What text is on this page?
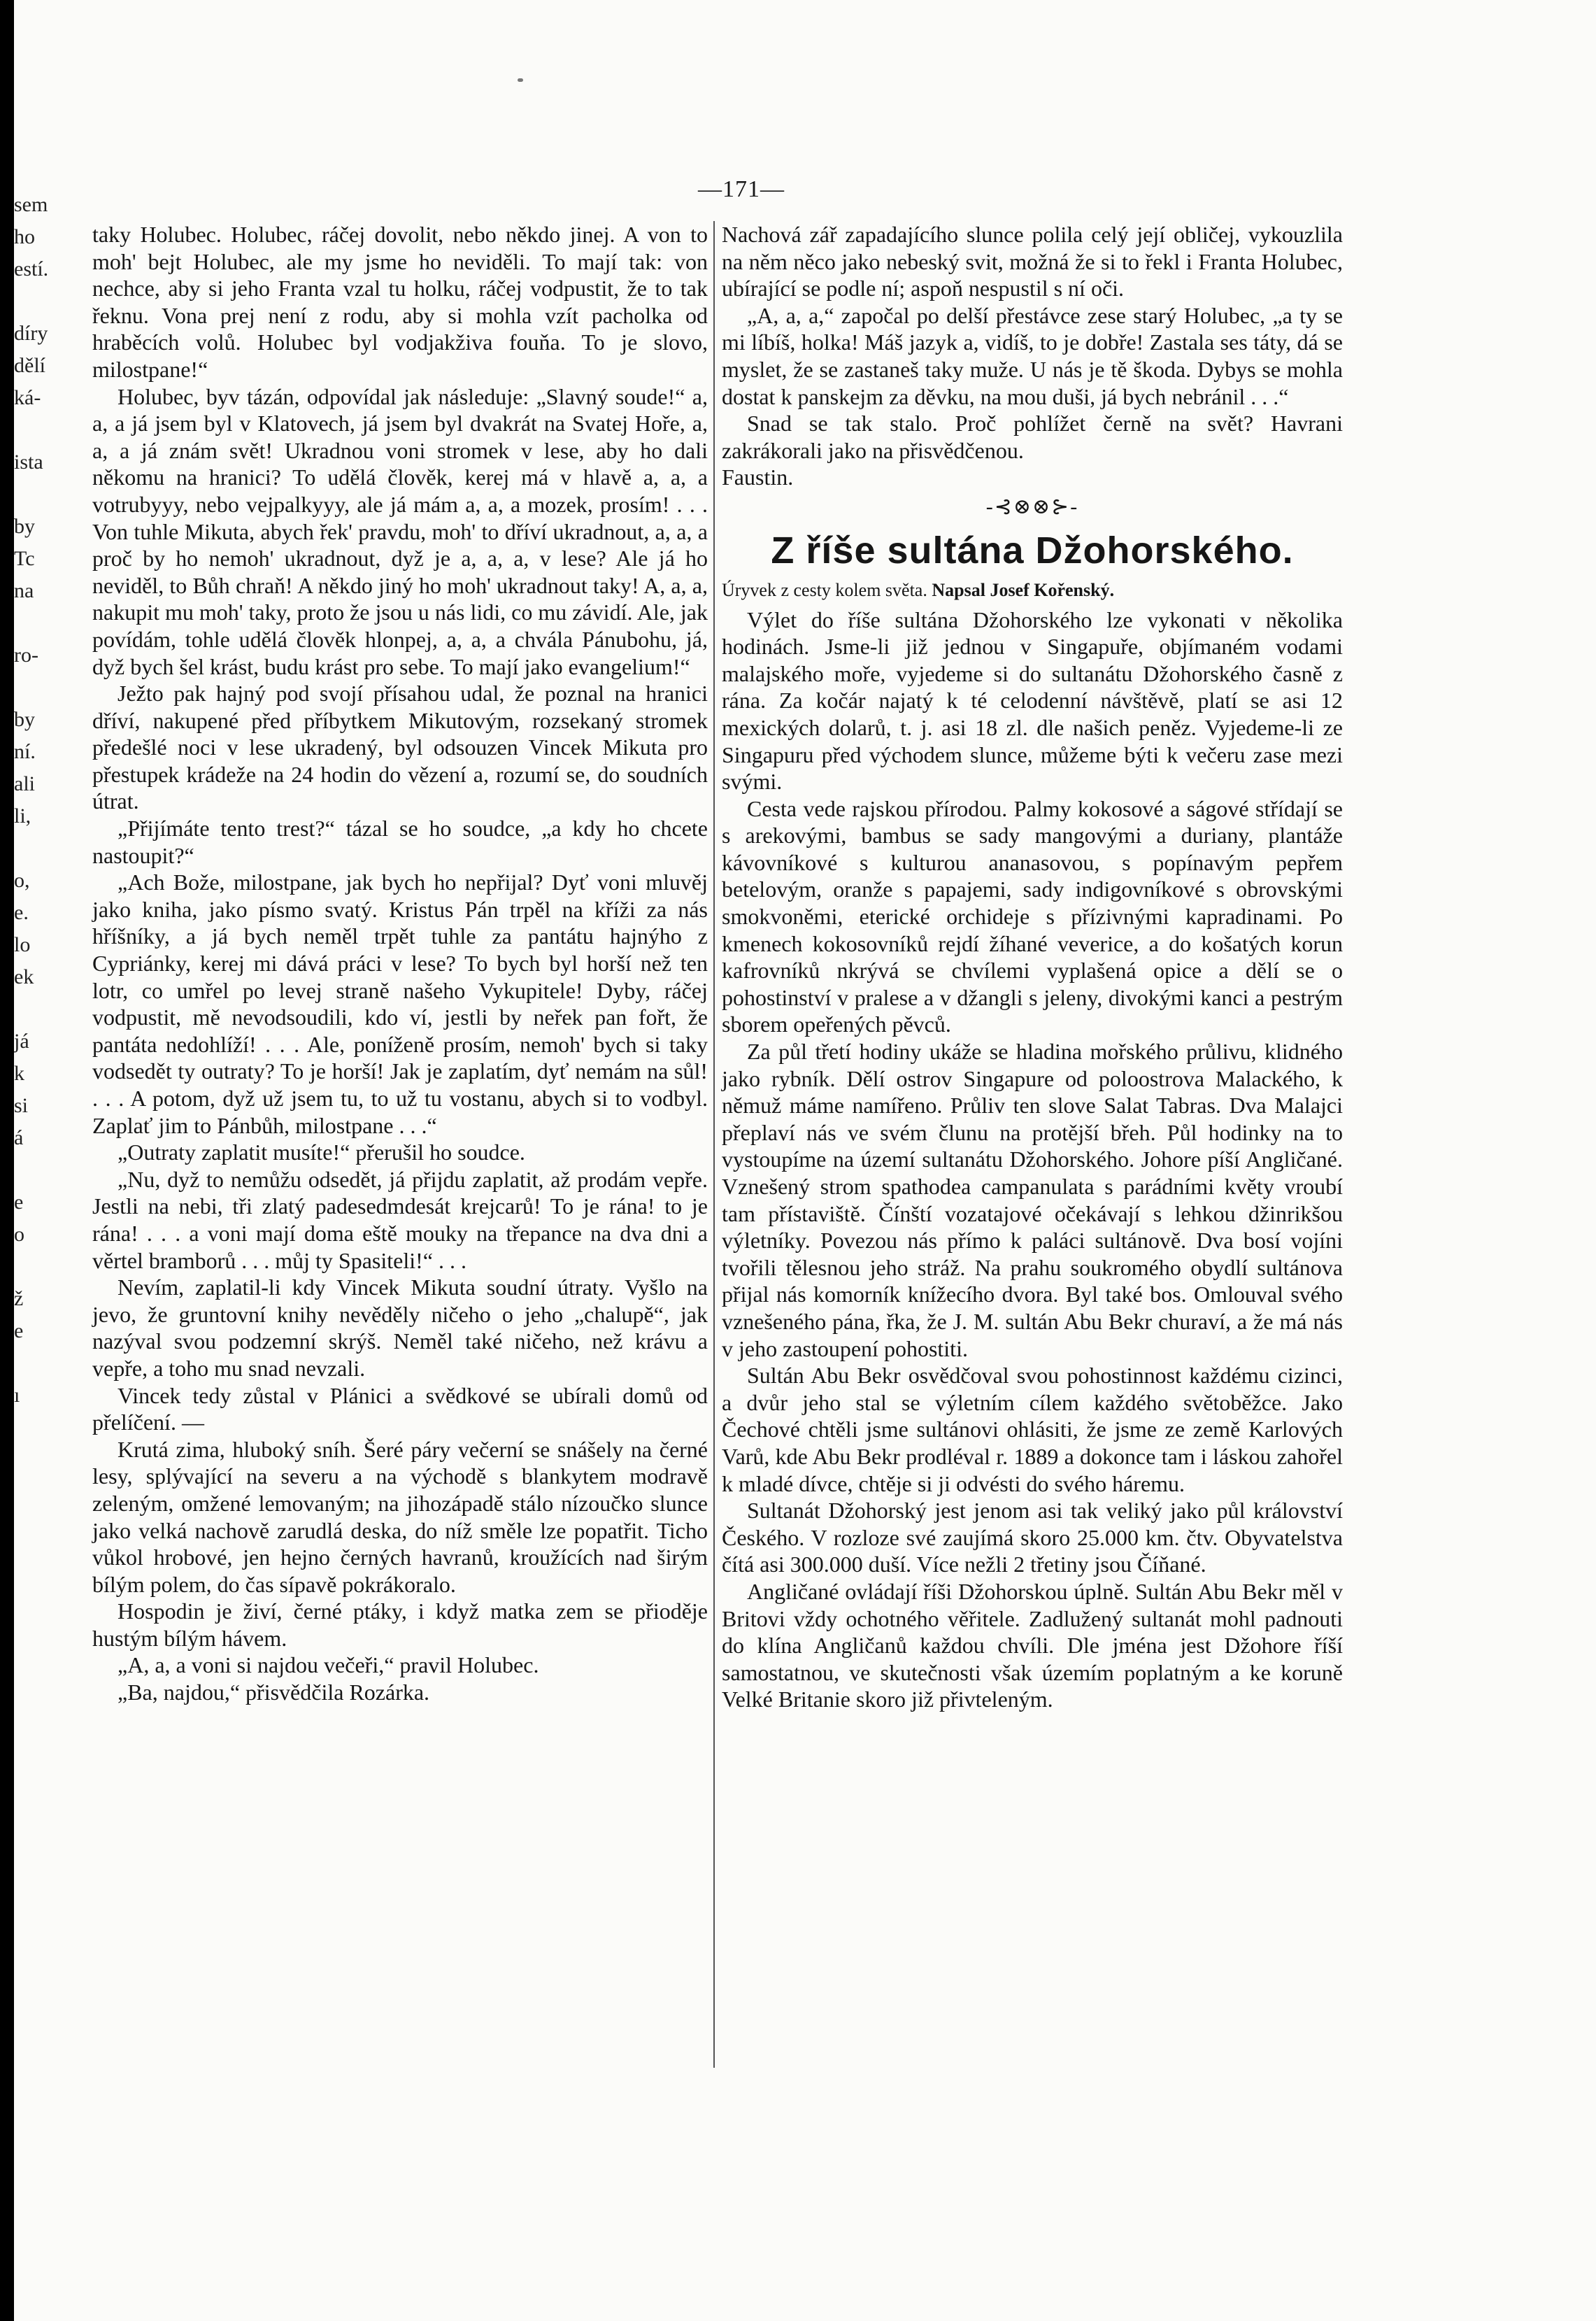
sem
ho
estí.
díry
dělí
ká-
ista
by
Tc
na
ro-
by
ní.
ali
li,
o,
e.
lo
ek
já
k
si
á
e
o
ž
e
ı
—171—

taky Holubec. Holubec, ráčej dovolit, nebo někdo jinej. A von to moh' bejt Holubec, ale my jsme ho neviděli. To mají tak: von nechce, aby si jeho Franta vzal tu holku, ráčej vodpustit, že to tak řeknu. Vona prej není z rodu, aby si mohla vzít pacholka od hraběcích volů. Holubec byl vodjakživa fouňa. To je slovo, milostpane!“

Holubec, byv tázán, odpovídal jak následuje: „Slavný soude!“ a, a, a já jsem byl v Klatovech, já jsem byl dvakrát na Svatej Hoře, a, a, a já znám svět! Ukradnou voni stromek v lese, aby ho dali někomu na hranici? To udělá člověk, kerej má v hlavě a, a, a votrubyyy, nebo vejpalkyyy, ale já mám a, a, a mozek, prosím! . . . Von tuhle Mikuta, abych řek' pravdu, moh' to dříví ukradnout, a, a, a proč by ho nemoh' ukradnout, dyž je a, a, a, v lese? Ale já ho neviděl, to Bůh chraň! A někdo jiný ho moh' ukradnout taky! A, a, a, nakupit mu moh' taky, proto že jsou u nás lidi, co mu závidí. Ale, jak povídám, tohle udělá člověk hlonpej, a, a, a chvála Pánubohu, já, dyž bych šel krást, budu krást pro sebe. To mají jako evangelium!“

Ježto pak hajný pod svojí přísahou udal, že poznal na hranici dříví, nakupené před příbytkem Mikutovým, rozsekaný stromek předešlé noci v lese ukradený, byl odsouzen Vincek Mikuta pro přestupek krádeže na 24 hodin do vězení a, rozumí se, do soudních útrat.

„Přijímáte tento trest?“ tázal se ho soudce, „a kdy ho chcete nastoupit?“

„Ach Bože, milostpane, jak bych ho nepřijal? Dyť voni mluvěj jako kniha, jako písmo svatý. Kristus Pán trpěl na kříži za nás hříšníky, a já bych neměl trpět tuhle za pantátu hajnýho z Cypriánky, kerej mi dává práci v lese? To bych byl horší než ten lotr, co umřel po levej straně našeho Vykupitele! Dyby, ráčej vodpustit, mě nevodsoudili, kdo ví, jestli by neřek pan fořt, že pantáta nedohlíží! . . . Ale, poníženě prosím, nemoh' bych si taky vodsedět ty outraty? To je horší! Jak je zaplatím, dyť nemám na sůl! . . . A potom, dyž už jsem tu, to už tu vostanu, abych si to vodbyl. Zaplať jim to Pánbůh, milostpane . . .“

„Outraty zaplatit musíte!“ přerušil ho soudce.

„Nu, dyž to nemůžu odsedět, já přijdu zaplatit, až prodám vepře. Jestli na nebi, tři zlatý padesedmdesát krejcarů! To je rána! to je rána! . . . a voni mají doma eště mouky na třepance na dva dni a věrtel bramborů . . . můj ty Spasiteli!“ . . .

Nevím, zaplatil-li kdy Vincek Mikuta soudní útraty. Vyšlo na jevo, že gruntovní knihy nevěděly ničeho o jeho „chalupě“, jak nazýval svou podzemní skrýš. Neměl také ničeho, než krávu a vepře, a toho mu snad nevzali.

Vincek tedy zůstal v Plánici a svědkové se ubírali domů od přelíčení. —

Krutá zima, hluboký sníh. Šeré páry večerní se snášely na černé lesy, splývající na severu a na východě s blankytem modravě zeleným, omžené lemovaným; na jihozápadě stálo nízoučko slunce jako velká nachově zarudlá deska, do níž směle lze popatřit. Ticho vůkol hrobové, jen hejno černých havranů, kroužících nad širým bílým polem, do čas sípavě pokrákoralo.

Hospodin je živí, černé ptáky, i když matka zem se přioděje hustým bílým hávem.

„A, a, a voni si najdou večeři,“ pravil Holubec.

„Ba, najdou,“ přisvědčila Rozárka.

Nachová zář zapadajícího slunce polila celý její obličej, vykouzlila na něm něco jako nebeský svit, možná že si to řekl i Franta Holubec, ubírající se podle ní; aspoň nespustil s ní oči.

„A, a, a,“ započal po delší přestávce zese starý Holubec, „a ty se mi líbíš, holka! Máš jazyk a, vidíš, to je dobře! Zastala ses táty, dá se myslet, že se zastaneš taky muže. U nás je tě škoda. Dybys se mohla dostat k panskejm za děvku, na mou duši, já bych nebránil . . .“

Snad se tak stalo. Proč pohlížet černě na svět? Havrani zakrákorali jako na přisvědčenou.

Faustin.

-⊰⊗⊗⊱-
Z říše sultána Džohorského.
Úryvek z cesty kolem světa. Napsal Josef Kořenský.

Výlet do říše sultána Džohorského lze vykonati v několika hodinách. Jsme-li již jednou v Singapuře, objímaném vodami malajského moře, vyjedeme si do sultanátu Džohorského časně z rána. Za kočár najatý k té celodenní návštěvě, platí se asi 12 mexických dolarů, t. j. asi 18 zl. dle našich peněz. Vyjedeme-li ze Singapuru před východem slunce, můžeme býti k večeru zase mezi svými.

Cesta vede rajskou přírodou. Palmy kokosové a ságové střídají se s arekovými, bambus se sady mangovými a duriany, plantáže kávovníkové s kulturou ananasovou, s popínavým pepřem betelovým, oranže s papajemi, sady indigovníkové s obrovskými smokvoněmi, eterické orchideje s přízivnými kapradinami. Po kmenech kokosovníků rejdí žíhané veverice, a do košatých korun kafrovníků nkrývá se chvílemi vyplašená opice a dělí se o pohostinství v pralese a v džangli s jeleny, divokými kanci a pestrým sborem opeřených pěvců.

Za půl třetí hodiny ukáže se hladina mořského průlivu, klidného jako rybník. Dělí ostrov Singapure od poloostrova Malackého, k němuž máme namířeno. Průliv ten slove Salat Tabras. Dva Malajci přeplaví nás ve svém člunu na protější břeh. Půl hodinky na to vystoupíme na území sultanátu Džohorského. Johore píší Angličané. Vznešený strom spathodea campanulata s parádními květy vroubí tam přístaviště. Čínští vozatajové očekávají s lehkou džinrikšou výletníky. Povezou nás přímo k paláci sultánově. Dva bosí vojíni tvořili tělesnou jeho stráž. Na prahu soukromého obydlí sultánova přijal nás komorník knížecího dvora. Byl také bos. Omlouval svého vznešeného pána, řka, že J. M. sultán Abu Bekr churaví, a že má nás v jeho zastoupení pohostiti.

Sultán Abu Bekr osvědčoval svou pohostinnost každému cizinci, a dvůr jeho stal se výletním cílem každého světoběžce. Jako Čechové chtěli jsme sultánovi ohlásiti, že jsme ze země Karlových Varů, kde Abu Bekr prodléval r. 1889 a dokonce tam i láskou zahořel k mladé dívce, chtěje si ji odvésti do svého háremu.

Sultanát Džohorský jest jenom asi tak veliký jako půl království Českého. V rozloze své zaujímá skoro 25.000 km. čtv. Obyvatelstva čítá asi 300.000 duší. Více nežli 2 třetiny jsou Číňané.

Angličané ovládají říši Džohorskou úplně. Sultán Abu Bekr měl v Britovi vždy ochotného věřitele. Zadlužený sultanát mohl padnouti do klína Angličanů každou chvíli. Dle jména jest Džohore říší samostatnou, ve skutečnosti však územím poplatným a ke koruně Velké Britanie skoro již přivteleným.
